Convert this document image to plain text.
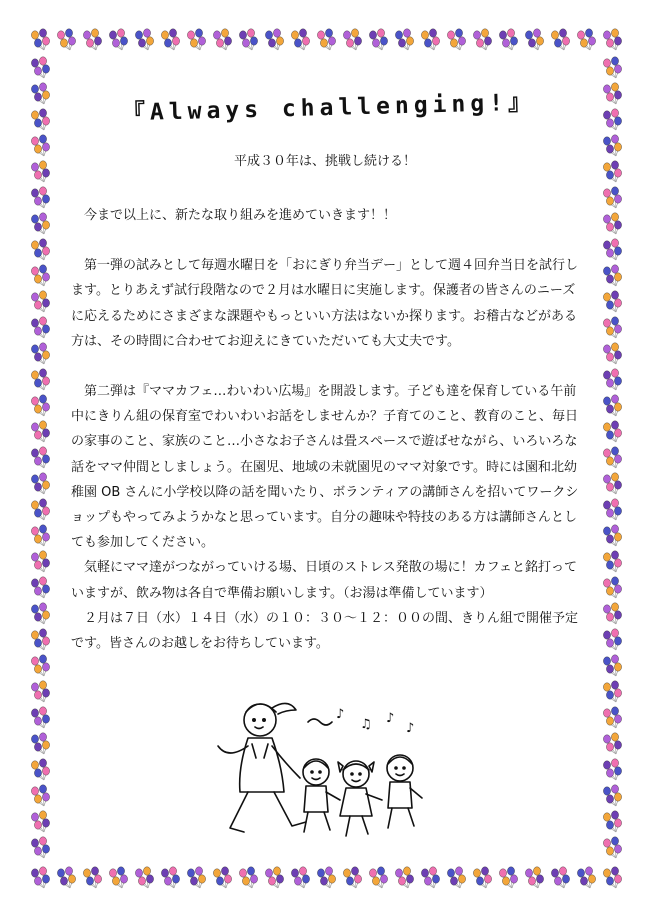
『Always challenging!』
平成３０年は、挑戦し続ける！

今まで以上に、新たな取り組みを進めていきます！！

第一弾の試みとして毎週水曜日を「おにぎり弁当デー」として週４回弁当日を試行します。とりあえず試行段階なので２月は水曜日に実施します。保護者の皆さんのニーズに応えるためにさまざまな課題やもっといい方法はないか探ります。お稽古などがある方は、その時間に合わせてお迎えにきていただいても大丈夫です。

第二弾は『ママカフェ…わいわい広場』を開設します。子ども達を保育している午前中にきりん組の保育室でわいわいお話をしませんか？子育てのこと、教育のこと、毎日の家事のこと、家族のこと…小さなお子さんは畳スペースで遊ばせながら、いろいろな話をママ仲間としましょう。在園児、地域の未就園児のママ対象です。時には園和北幼稚園 OB さんに小学校以降の話を聞いたり、ボランティアの講師さんを招いてワークショップもやってみようかなと思っています。自分の趣味や特技のある方は講師さんとしても参加してください。

気軽にママ達がつながっていける場、日頃のストレス発散の場に！カフェと銘打っていますが、飲み物は各自で準備お願いします。（お湯は準備しています）

２月は７日（水）１４日（水）の１０：３０～１２：００の間、きりん組で開催予定です。皆さんのお越しをお待ちしています。

♪
♫ ♪
♪
